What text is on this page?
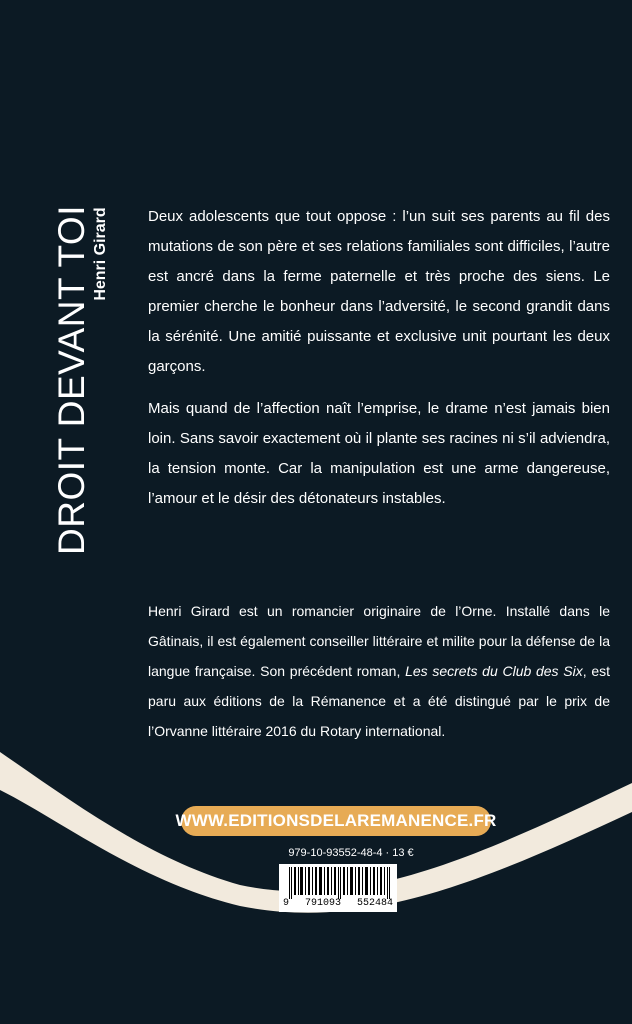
DROIT DEVANT TOI Henri Girard	Deux adolescents que tout oppose : l’un suit ses parents au fil des mutations de son père et ses relations familiales sont difficiles, l’autre est ancré dans la ferme paternelle et très proche des siens. Le premier cherche le bonheur dans l’adversité, le second grandit dans la sérénité. Une amitié puissante et exclusive unit pourtant les deux garçons.

Mais quand de l’affection naît l’emprise, le drame n’est jamais bien loin. Sans savoir exactement où il plante ses racines ni s’il adviendra, la tension monte. Car la manipulation est une arme dangereuse, l’amour et le désir des détonateurs instables.

Henri Girard est un romancier originaire de l’Orne. Installé dans le Gâtinais, il est également conseiller littéraire et milite pour la défense de la langue française. Son précédent roman, Les secrets du Club des Six, est paru aux éditions de la Rémanence et a été distingué par le prix de l’Orvanne littéraire 2016 du Rotary international.

WWW.EDITIONSDELAREMANENCE.FR
979-10-93552-48-4 · 13 €
9 791093 552484
